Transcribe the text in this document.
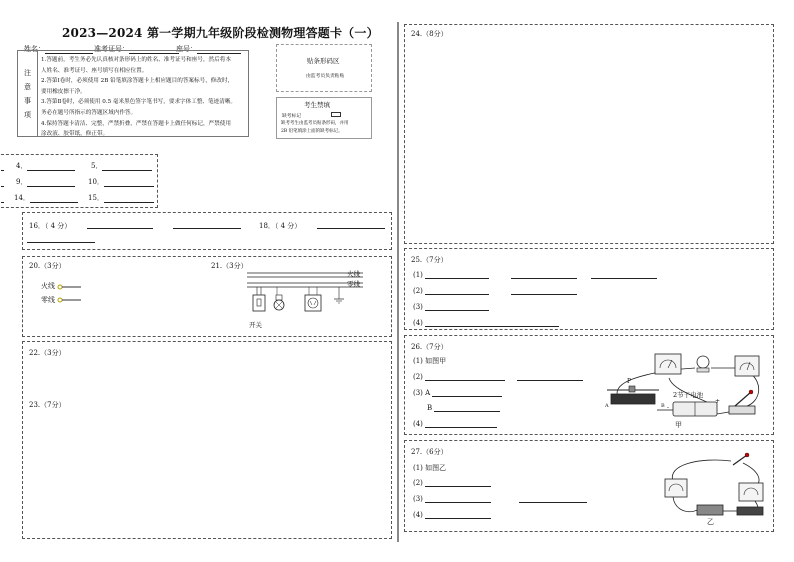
2023—2024 第一学期九年级阶段检测物理答题卡（一）
姓名：	准考证号：	座号：
注
意
事
项
1.答题前，考生务必先认真核对条形码上的姓名、准考证号和座号，然后将本
人姓名、准考证号、座号填写在相应位置。
2.答第Ⅰ卷时，必须使用 2B 铅笔填涂答题卡上相应题目的答案标号，修改时，
要用橡皮擦干净。
3.答第Ⅱ卷时，必须使用 0.5 毫米黑色签字笔书写，要求字体工整、笔迹清晰。
务必在题号所指示的答题区域内作答。
4.保持答题卡清洁、完整，严禁折叠，严禁在答题卡上做任何标记，严禁使用
涂改液、胶带纸，修正带。
贴条形码区
由监考员负责粘贴
考生禁填
缺考标记
缺考考生由监考员贴条形码，并用
2B 铅笔填涂上面的缺考标记。
4．	5．
9．	10．
14．	15．
16．（ 4 分）	18．（ 4 分）
20.（3分）
火线
零线
21.（3分）
火线
零线
开关
22.（3分）
23.（7分）
24.（8分）
25.（7分）
(1)
(2)
(3)
(4)
26.（7分）
(1) 如图甲
(2)
(3) A
B
(4)
P
A	B
2节干电池
-
+
甲
27.（6分）
(1) 如图乙
(2)
(3)
(4)
乙
